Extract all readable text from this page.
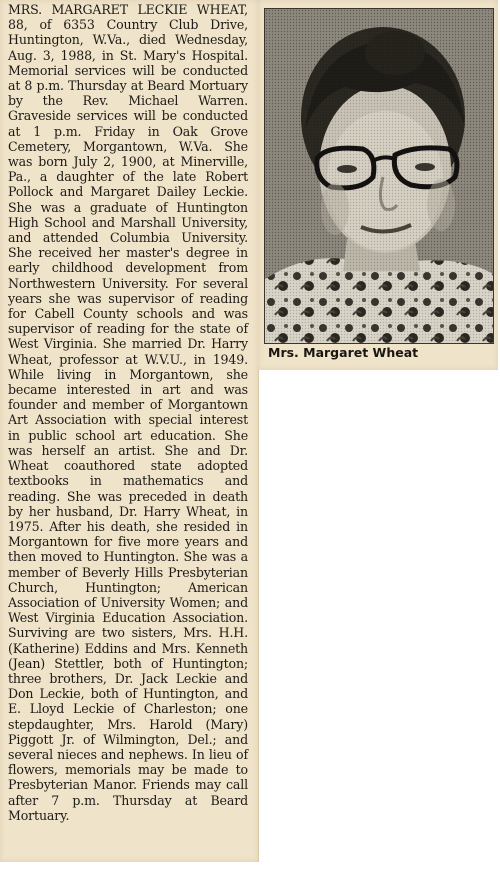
MRS. MARGARET LECKIE WHEAT, 88, of 6353 Country Club Drive, Huntington, W.Va., died Wednesday, Aug. 3, 1988, in St. Mary's Hospital. Memorial services will be conducted at 8 p.m. Thursday at Beard Mortuary by the Rev. Michael Warren. Graveside services will be conducted at 1 p.m. Friday in Oak Grove Cemetery, Morgantown, W.Va. She was born July 2, 1900, at Minerville, Pa., a daughter of the late Robert Pollock and Margaret Dailey Leckie. She was a graduate of Huntington High School and Marshall University, and attended Columbia University. She received her master's degree in early childhood development from Northwestern University. For several years she was supervisor of reading for Cabell County schools and was supervisor of reading for the state of West Virginia. She married Dr. Harry Wheat, professor at W.V.U., in 1949. While living in Morgantown, she became interested in art and was founder and member of Morgantown Art Association with special interest in public school art education. She was herself an artist. She and Dr. Wheat coauthored state adopted textbooks in mathematics and reading. She was preceded in death by her husband, Dr. Harry Wheat, in 1975. After his death, she resided in Morgantown for five more years and then moved to Huntington. She was a member of Beverly Hills Presbyterian Church, Huntington; American Association of University Women; and West Virginia Education Association. Surviving are two sisters, Mrs. H.H. (Katherine) Eddins and Mrs. Kenneth (Jean) Stettler, both of Huntington; three brothers, Dr. Jack Leckie and Don Leckie, both of Huntington, and E. Lloyd Leckie of Charleston; one stepdaughter, Mrs. Harold (Mary) Piggott Jr. of Wilmington, Del.; and several nieces and nephews. In lieu of flowers, memorials may be made to Presbyterian Manor. Friends may call after 7 p.m. Thursday at Beard Mortuary.
Mrs. Margaret Wheat
